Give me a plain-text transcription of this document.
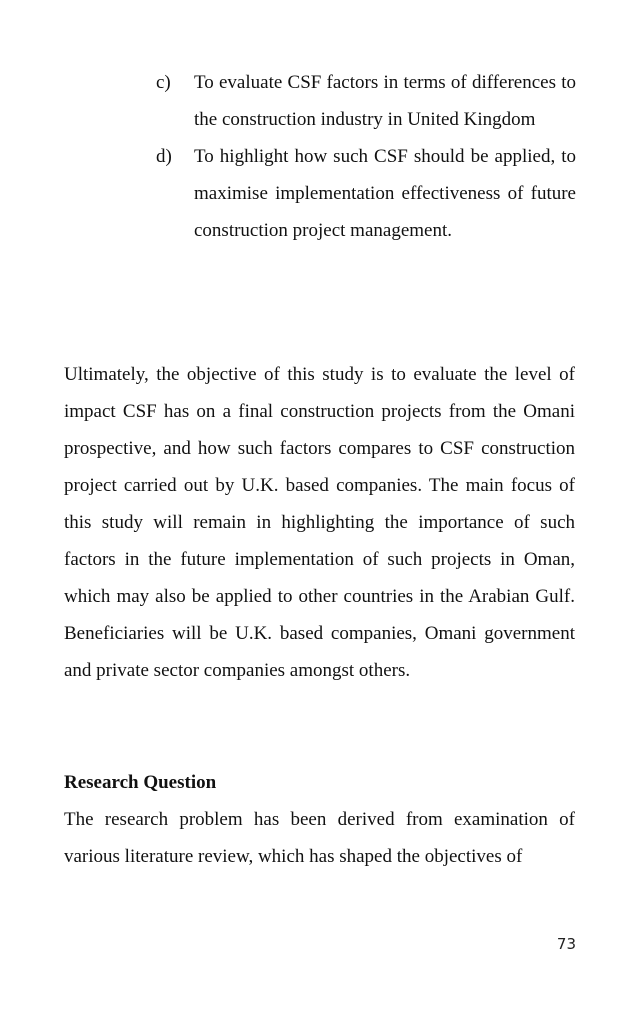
c) To evaluate CSF factors in terms of differences to the construction industry in United Kingdom
d) To highlight how such CSF should be applied, to maximise implementation effectiveness of future construction project management.

Ultimately, the objective of this study is to evaluate the level of impact CSF has on a final construction projects from the Omani prospective, and how such factors compares to CSF construction project carried out by U.K. based companies. The main focus of this study will remain in highlighting the importance of such factors in the future implementation of such projects in Oman, which may also be applied to other countries in the Arabian Gulf. Beneficiaries will be U.K. based companies, Omani government and private sector companies amongst others.

Research Question

The research problem has been derived from examination of various literature review, which has shaped the objectives of

73
